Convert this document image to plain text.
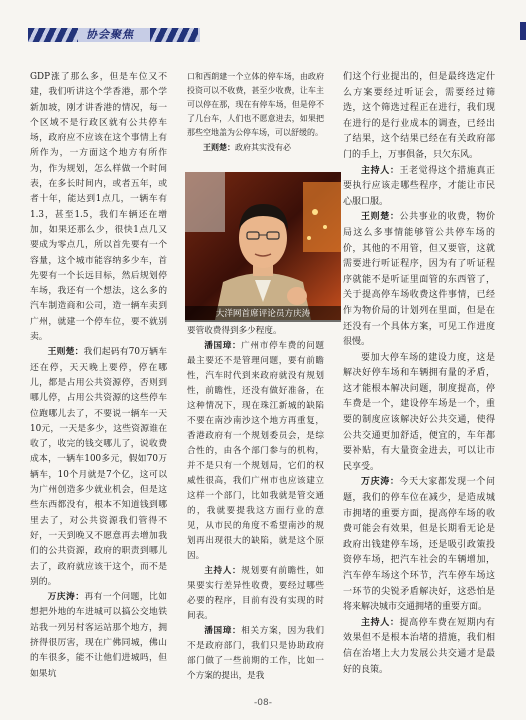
协会聚焦

GDP涨了那么多，但是车位又不建，我们听讲这个学香港，那个学新加坡，刚才讲香港的情况，每一个区域不是行政区就有公共停车场，政府应不应该在这个事情上有所作为，一方面这个地方有所作为，作为规划，怎么样做一个时间表，在多长时间内，或者五年，或者十年，能达到1点几，一辆车有1.3，甚至1.5，我们车辆还在增加，如果还那么少，很快1点几又要成为零点几，所以首先要有一个容量，这个城市能容纳多少车，首先要有一个长远目标，然后规划停车场，我还有一个想法，这么多的汽车制造商和公司，造一辆车卖到广州，就建一个停车位，要不就别卖。

王则楚：我们起码有70万辆车还在停，天天晚上要停，停在哪儿，都是占用公共资源停，否则到哪儿停，占用公共资源的这些停车位跑哪儿去了，不要说一辆车一天10元，一天是多少，这些资源谁在收了，收完的钱交哪儿了，说收费成本，一辆车100多元，假如70万辆车，10个月就是7个亿，这可以为广州创造多少就业机会，但是这些东西都没有，根本不知道钱到哪里去了，对公共资源我们管得不好，一天到晚又不愿意再去增加我们的公共资源，政府的职责到哪儿去了，政府就应该干这个，而不是别的。

万庆涛：再有一个问题，比如想把外地的车进城可以搞公交地铁站我一列另村客运站那个地方，拥挤得很厉害，现在广佛同城，佛山的车很多，能不让他们进城吗，但如果坑

口和西朗建一个立体的停车场，由政府投资可以不收费，甚至少收费，让车主可以停在那，现在有停车场，但是停不了几台车，人们也不愿意进去，如果把那些空地盖为公停车场，可以舒缓的。

王则楚：政府其实没有必

大洋网首席评论员方庆涛

要管收费得到多少程度。

潘国璋：广州市停车费的问题最主要还不是管理问题，要有前瞻性，汽车时代到来政府就没有规划性，前瞻性，还没有做好准备，在这种情况下，现在珠江新城的缺陷不要在南沙南沙这个地方再重复，香港政府有一个规划委员会，是综合性的，由各个部门参与的机构，并不是只有一个规划局，它们的权威性很高，我们广州市也应该建立这样一个部门，比如我就是管交通的，我就要提我这方面行业的意见，从市民的角度不希望南沙的规划再出现很大的缺陷，就是这个原因。

主持人：规划要有前瞻性，如果要实行差异性收费，要经过哪些必要的程序，目前有没有实现的时间表。

潘国璋：相关方案，因为我们不是政府部门，我们只是协助政府部门做了一些前期的工作，比如一个方案的提出，是我

们这个行业提出的，但是最终选定什么方案要经过听证会，需要经过筛选，这个筛选过程正在进行，我们现在进行的是行业成本的调查，已经出了结果，这个结果已经在有关政府部门的手上，万事俱备，只欠东风。

主持人：王老觉得这个措施真正要执行应该走哪些程序，才能让市民心服口服。

王则楚：公共事业的收费，物价局这么多事情能够管公共停车场的价，其他的不用管，但又要管，这就需要进行听证程序，因为有了听证程序就能不是听证里面管的东西管了，关于提高停车场收费这件事情，已经作为物价局的计划列在里面，但是在还没有一个具体方案，可见工作进度很慢。

要加大停车场的建设力度，这是解决好停车场和车辆拥有量的矛盾，这才能根本解决问题，制度提高，停车费是一个，建设停车场是一个，重要的制度应该解决好公共交通，使得公共交通更加舒适，便宜的，车年都要补贴，有大量资金进去，可以让市民享受。

万庆涛：今天大家都发现一个问题，我们的停车位在减少，是造成城市拥堵的重要方面，提高停车场的收费可能会有效果，但是长期看无论是政府出钱建停车场，还是吸引政策投资停车场，把汽车社会的车辆增加，汽车停车场这个环节，汽车停车场这一环节的尖锐矛盾解决好，这恐怕是将来解决城市交通拥堵的重要方面。

主持人：提高停车费在短期内有效果但不是根本治堵的措施，我们相信在治堵上大力发展公共交通才是最好的良策。

-08-
